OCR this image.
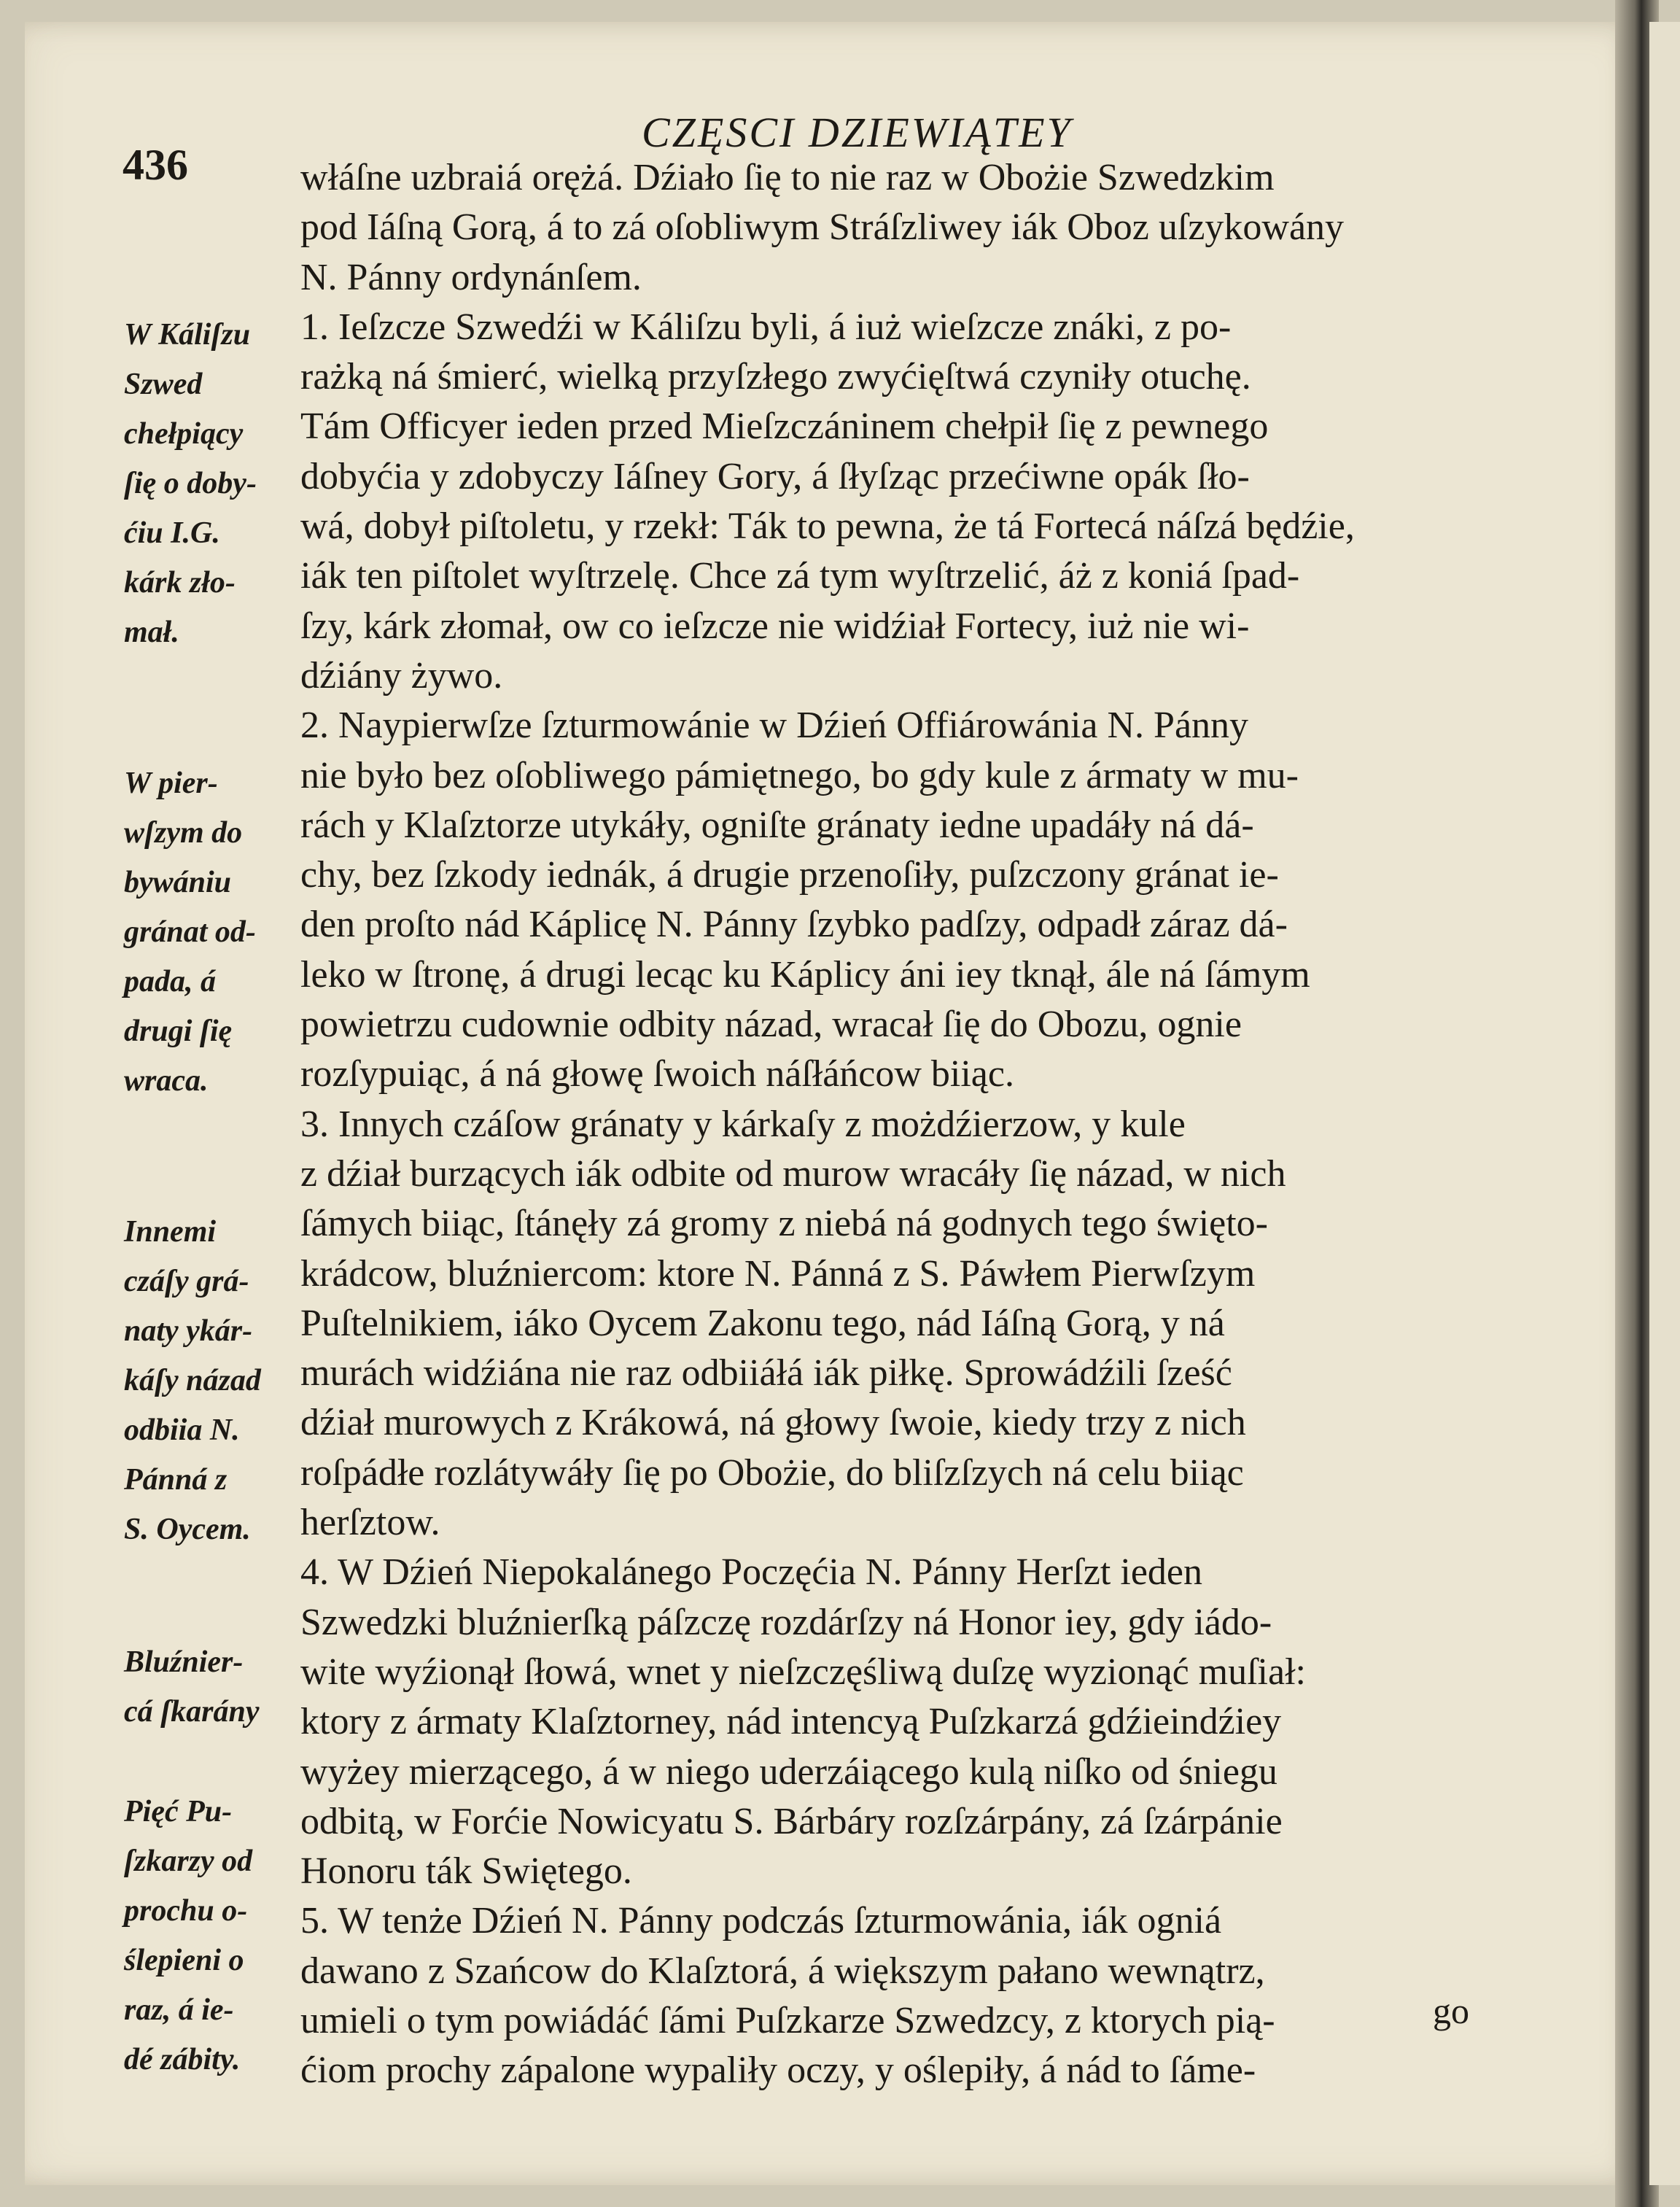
CZĘSCI DZIEWIĄTEY
436	włáſne uzbraiá orężá. Dźiało ſię to nie raz w Obożie Szwedzkim
pod Iáſną Gorą, á to zá oſobliwym Stráſzliwey iák Oboz uſzykowány
N. Pánny ordynánſem.
1. Ieſzcze Szwedźi w Káliſzu byli, á iuż wieſzcze znáki, z po-
rażką ná śmierć, wielką przyſzłego zwyćięſtwá czyniły otuchę.
Tám Officyer ieden przed Mieſzczáninem chełpił ſię z pewnego
dobyćia y zdobyczy Iáſney Gory, á ſłyſząc przećiwne opák ſło-
wá, dobył piſtoletu, y rzekł: Ták to pewna, że tá Fortecá náſzá będźie,
iák ten piſtolet wyſtrzelę. Chce zá tym wyſtrzelić, áż z koniá ſpad-
ſzy, kárk złomał, ow co ieſzcze nie widźiał Fortecy, iuż nie wi-
dźiány żywo.
2. Naypierwſze ſzturmowánie w Dźień Offiárowánia N. Pánny
nie było bez oſobliwego pámiętnego, bo gdy kule z ármaty w mu-
rách y Klaſztorze utykáły, ogniſte gránaty iedne upadáły ná dá-
chy, bez ſzkody iednák, á drugie przenoſiły, puſzczony gránat ie-
den proſto nád Káplicę N. Pánny ſzybko padſzy, odpadł záraz dá-
leko w ſtronę, á drugi lecąc ku Káplicy áni iey tknął, ále ná ſámym
powietrzu cudownie odbity názad, wracał ſię do Obozu, ognie
rozſypuiąc, á ná głowę ſwoich náſłáńcow biiąc.
3. Innych czáſow gránaty y kárkaſy z możdźierzow, y kule
z dźiał burzących iák odbite od murow wracáły ſię názad, w nich
ſámych biiąc, ſtánęły zá gromy z niebá ná godnych tego święto-
krádcow, bluźniercom: ktore N. Pánná z S. Páwłem Pierwſzym
Puſtelnikiem, iáko Oycem Zakonu tego, nád Iáſną Gorą, y ná
murách widźiána nie raz odbiiáłá iák piłkę. Sprowádźili ſześć
dźiał murowych z Krákowá, ná głowy ſwoie, kiedy trzy z nich
roſpádłe rozlátywáły ſię po Obożie, do bliſzſzych ná celu biiąc
herſztow.
4. W Dźień Niepokalánego Poczęćia N. Pánny Herſzt ieden
Szwedzki bluźnierſką páſzczę rozdárſzy ná Honor iey, gdy iádo-
wite wyźionął ſłowá, wnet y nieſzczęśliwą duſzę wyzionąć muſiał:
ktory z ármaty Klaſztorney, nád intencyą Puſzkarzá gdźieindźiey
wyżey mierzącego, á w niego uderzáiącego kulą niſko od śniegu
odbitą, w Forćie Nowicyatu S. Bárbáry rozſzárpány, zá ſzárpánie
Honoru ták Swiętego.
5. W tenże Dźień N. Pánny podczás ſzturmowánia, iák ogniá
dawano z Szańcow do Klaſztorá, á większym pałano wewnątrz,
umieli o tym powiádáć ſámi Puſzkarze Szwedzcy, z ktorych pią-
ćiom prochy zápalone wypaliły oczy, y oślepiły, á nád to ſáme-
W Káliſzu
Szwed
chełpiący
ſię o doby-
ćiu I.G.
kárk zło-
mał.
W pier-
wſzym do
bywániu
gránat od-
pada, á
drugi ſię
wraca.
Innemi
czáſy grá-
naty ykár-
káſy názad
odbiia N.
Pánná z
S. Oycem.
Bluźnier-
cá ſkarány
Pięć Pu-
ſzkarzy od
prochu o-
ślepieni o
raz, á ie-
dé zábity.
go
